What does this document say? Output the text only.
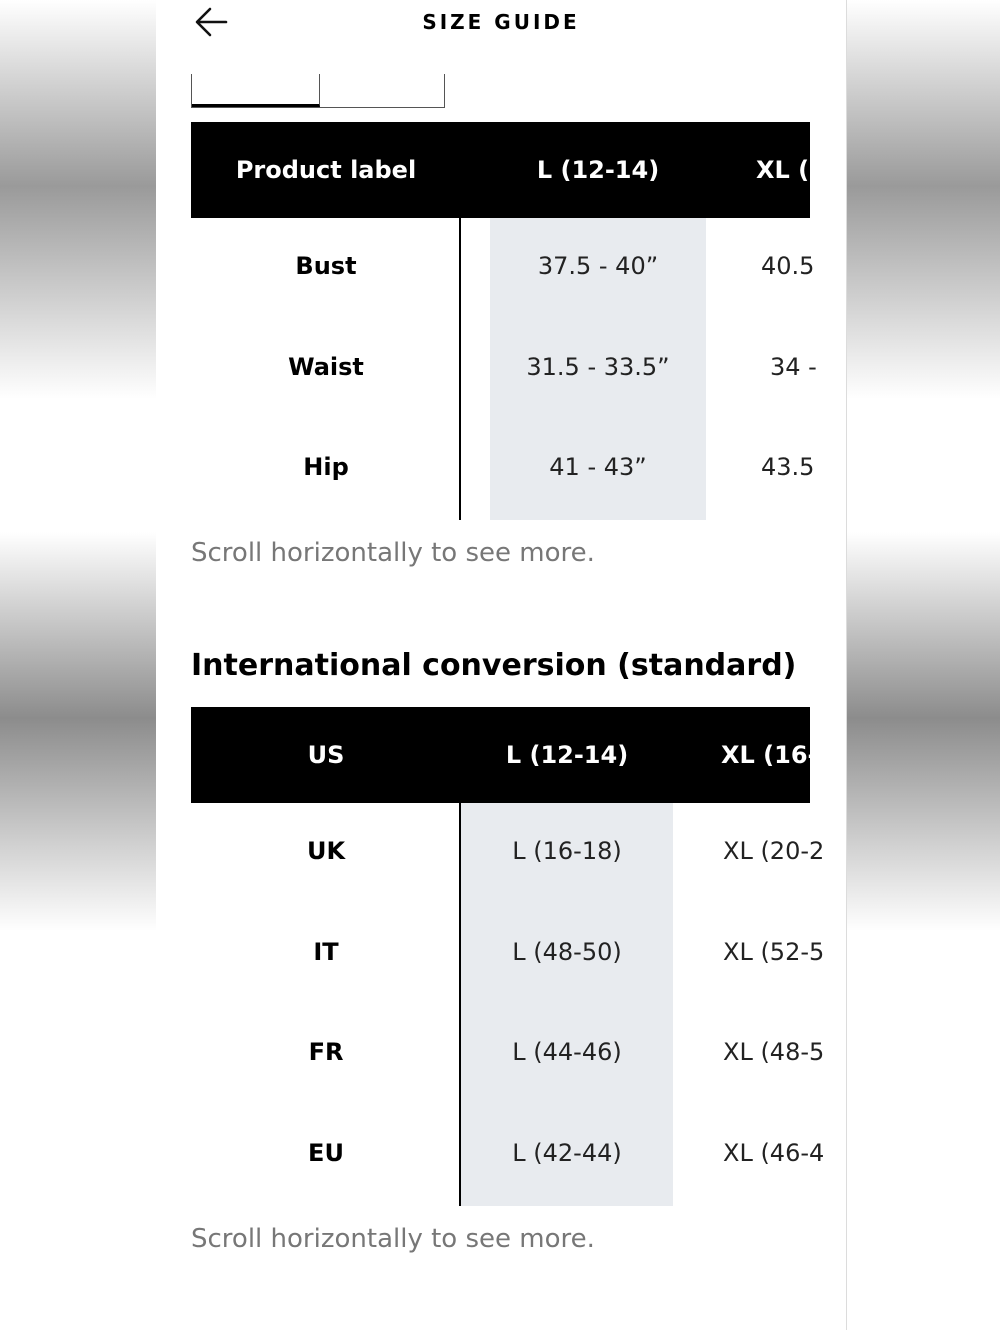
SIZE GUIDE
Product label	L (12-14)	XL (1
Bust	37.5 - 40”	40.5
Waist	31.5 - 33.5”	34 -
Hip	41 - 43”	43.5
Scroll horizontally to see more.
International conversion (standard)
US	L (12-14)	XL (16-1
UK	L (16-18)	XL (20-2
IT	L (48-50)	XL (52-5
FR	L (44-46)	XL (48-5
EU	L (42-44)	XL (46-4
Scroll horizontally to see more.
